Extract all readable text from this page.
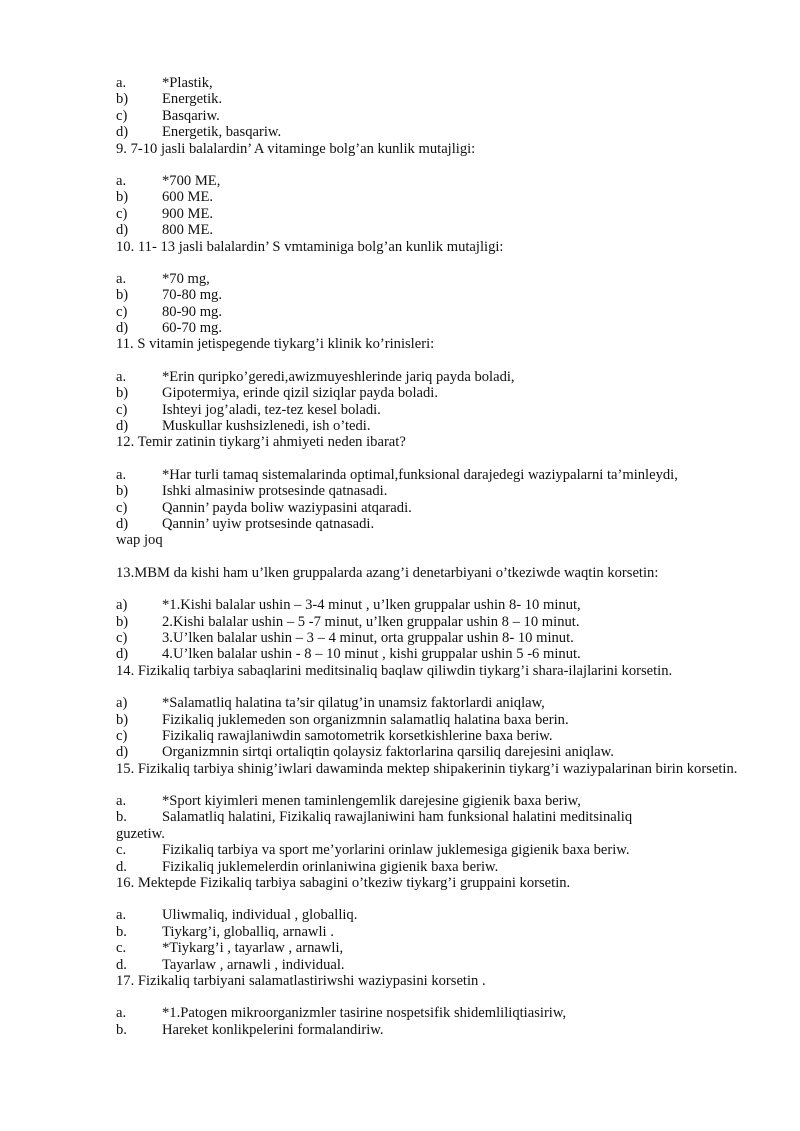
a. *Plastik,
b) Energetik.
c) Basqariw.
d) Energetik, basqariw.
9. 7-10 jasli balalardin’ A vitaminge bolg’an kunlik mutajligi:
a. *700 ME,
b) 600 ME.
c) 900 ME.
d) 800 ME.
10. 11- 13 jasli balalardin’ S vmtaminiga bolg’an kunlik mutajligi:
a. *70 mg,
b) 70-80 mg.
c) 80-90 mg.
d) 60-70 mg.
11. S vitamin jetispegende tiykarg’i klinik ko’rinisleri:
a. *Erin quripko’geredi,awizmuyeshlerinde jariq payda boladi,
b) Gipotermiya, erinde qizil siziqlar payda boladi.
c) Ishteyi jog’aladi, tez-tez kesel boladi.
d) Muskullar kushsizlenedi, ish o’tedi.
12. Temir zatinin tiykarg’i ahmiyeti neden ibarat?
a. *Har turli tamaq sistemalarinda optimal,funksional darajedegi waziypalarni ta’minleydi,
b) Ishki almasiniw protsesinde qatnasadi.
c) Qannin’ payda boliw waziypasini atqaradi.
d) Qannin’ uyiw protsesinde qatnasadi.
wap joq
13.MBM da kishi ham u’lken gruppalarda azang’i denetarbiyani o’tkeziwde waqtin korsetin:
a) *1.Kishi balalar ushin – 3-4 minut , u’lken gruppalar ushin 8- 10 minut,
b) 2.Kishi balalar ushin – 5 -7 minut, u’lken gruppalar ushin 8 – 10 minut.
c) 3.U’lken balalar ushin – 3 – 4 minut, orta gruppalar ushin 8- 10 minut.
d) 4.U’lken balalar ushin - 8 – 10 minut , kishi gruppalar ushin 5 -6 minut.
14. Fizikaliq tarbiya sabaqlarini meditsinaliq baqlaw qiliwdin tiykarg’i shara-ilajlarini korsetin.
a) *Salamatliq halatina ta’sir qilatug’in unamsiz faktorlardi aniqlaw,
b) Fizikaliq juklemeden son organizmnin salamatliq halatina baxa berin.
c) Fizikaliq rawajlaniwdin samotometrik korsetkishlerine baxa beriw.
d) Organizmnin sirtqi ortaliqtin qolaysiz faktorlarina qarsiliq darejesini aniqlaw.
15. Fizikaliq tarbiya shinig’iwlari dawaminda mektep shipakerinin tiykarg’i waziypalarinan birin korsetin.
a. *Sport kiyimleri menen taminlengemlik darejesine gigienik baxa beriw,
b. Salamatliq halatini, Fizikaliq rawajlaniwini ham funksional halatini meditsinaliq
guzetiw.
c. Fizikaliq tarbiya va sport me’yorlarini orinlaw juklemesiga gigienik baxa beriw.
d. Fizikaliq juklemelerdin orinlaniwina gigienik baxa beriw.
16. Mektepde Fizikaliq tarbiya sabagini o’tkeziw tiykarg’i gruppaini korsetin.
a. Uliwmaliq, individual , globalliq.
b. Tiykarg’i, globalliq, arnawli .
c. *Tiykarg’i , tayarlaw , arnawli,
d. Tayarlaw , arnawli , individual.
17. Fizikaliq tarbiyani salamatlastiriwshi waziypasini korsetin .
a. *1.Patogen mikroorganizmler tasirine nospetsifik shidemliliqtiasiriw,
b. Hareket konlikpelerini formalandiriw.
